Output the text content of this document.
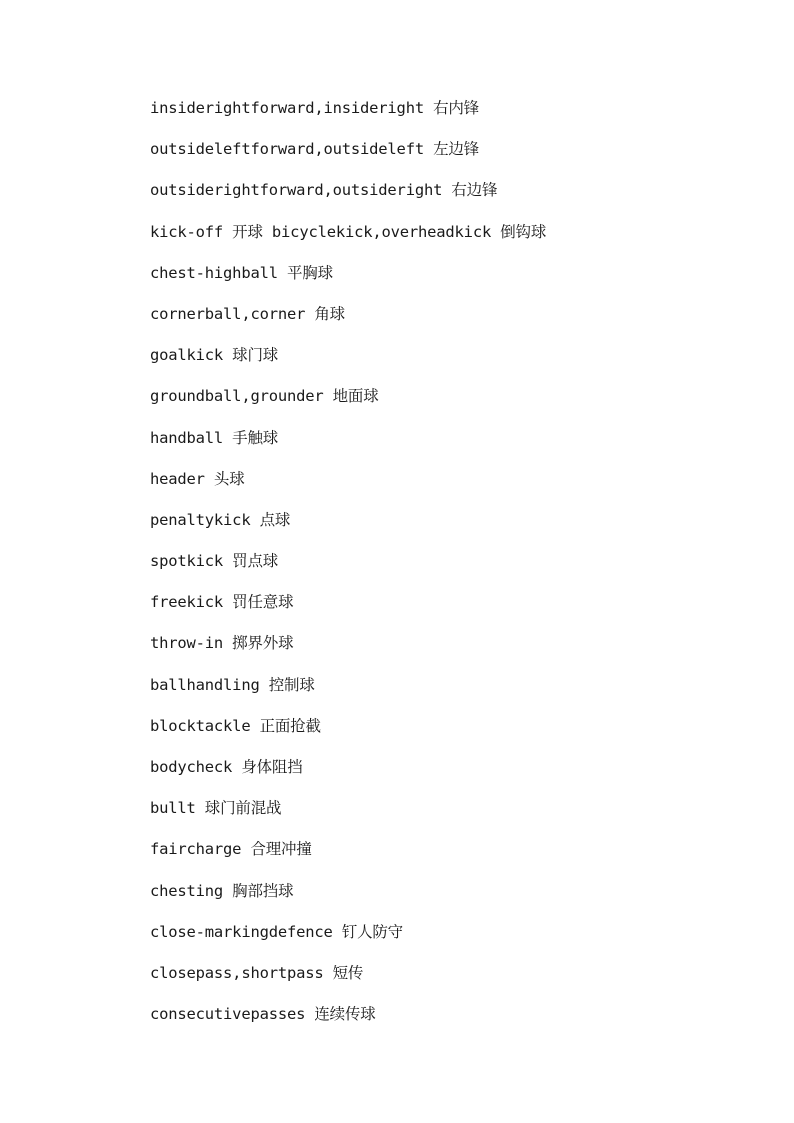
insiderightforward,insideright 右内锋
outsideleftforward,outsideleft 左边锋
outsiderightforward,outsideright 右边锋
kick-off 开球 bicyclekick,overheadkick 倒钩球
chest-highball 平胸球
cornerball,corner 角球
goalkick 球门球
groundball,grounder 地面球
handball 手触球
header 头球
penaltykick 点球
spotkick 罚点球
freekick 罚任意球
throw-in 掷界外球
ballhandling 控制球
blocktackle 正面抢截
bodycheck 身体阻挡
bullt 球门前混战
faircharge 合理冲撞
chesting 胸部挡球
close-markingdefence 钉人防守
closepass,shortpass 短传
consecutivepasses 连续传球
